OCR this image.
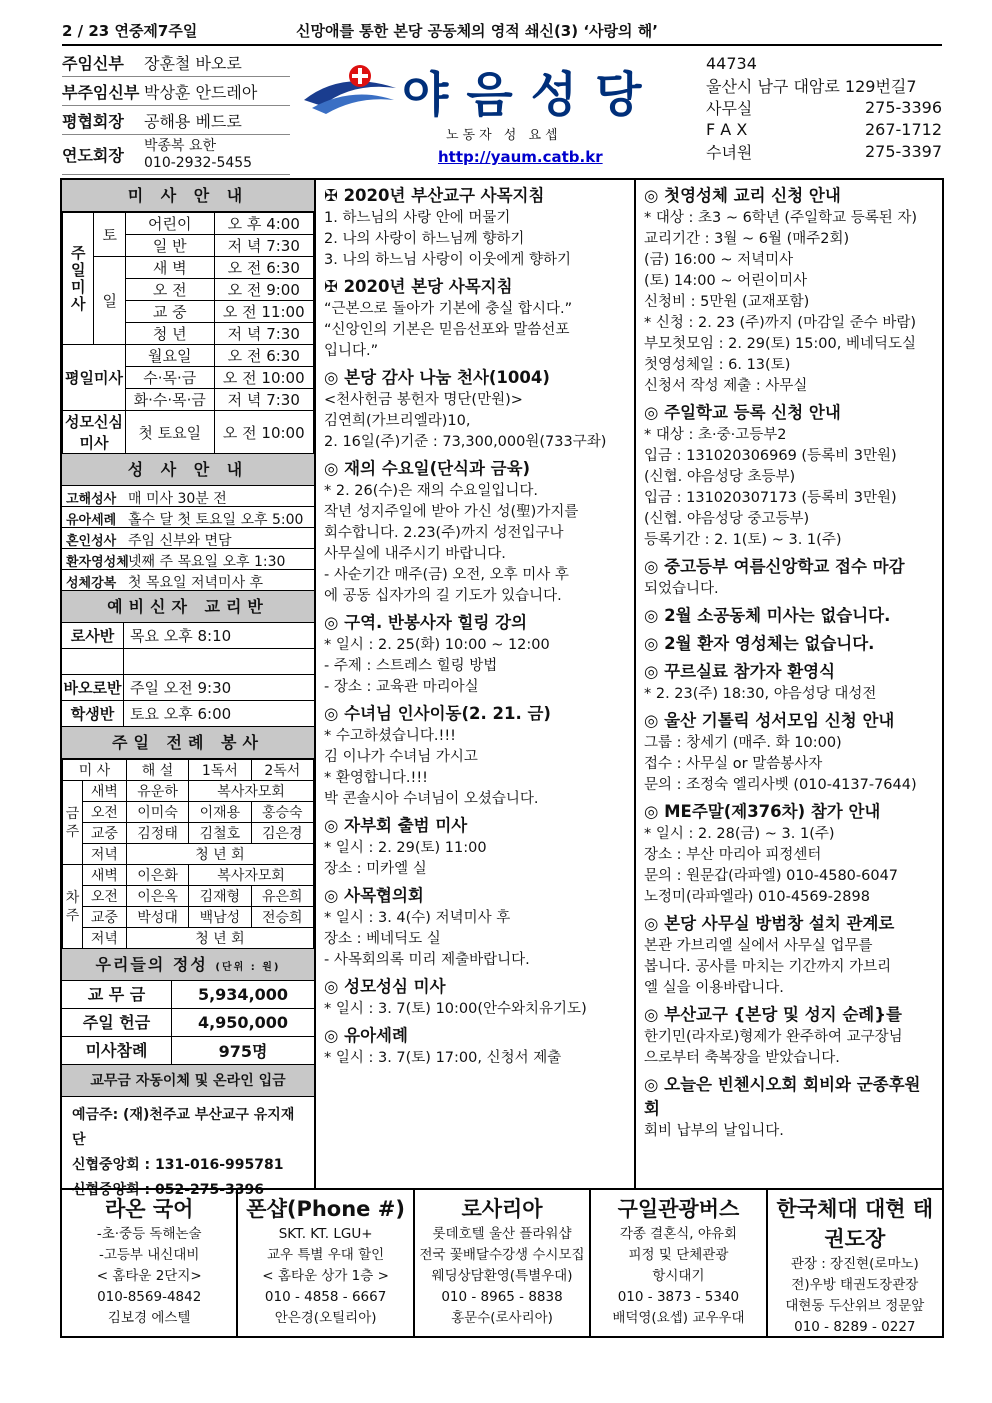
2 / 23 연중제7주일	신망애를 통한 본당 공동체의 영적 쇄신(3) ‘사랑의 해’
주임신부	장훈철 바오로
부주임신부 박상훈 안드레아
평협회장	공해용 베드로
연도회장
박종복 요한
010-2932-5455
야음성당
노동자 성 요셉
http://yaum.catb.kr
44734
울산시 남구 대암로 129번길7
사무실	275-3396
F A X	267-1712
수녀원	275-3397
미 사 안 내
주
일
미
사	토	어린이	오 후 4:00
		일 반	저 녁 7:30
	일	새 벽	오 전 6:30
		오 전	오 전 9:00
		교 중	오 전 11:00
		청 년	저 녁 7:30
평일미사		월요일	오 전 6:30
		수·목·금	오 전 10:00
		화·수·목·금	저 녁 7:30
성모신심 미사		첫 토요일	오 전 10:00
성 사 안 내
고해성사 매 미사 30분 전
유아세례 홀수 달 첫 토요일 오후 5:00
혼인성사 주임 신부와 면담
환자영성체 넷째 주 목요일 오후 1:30
성체강복 첫 목요일 저녁미사 후
예비신자 교리반
로사반	목요 오후 8:10
바오로반 주일 오전 9:30
학생반	토요 오후 6:00
주일 전례 봉사
미 사		해 설	1독서	2독서
금
주	새벽	유운하	복사자모회	
	오전	이미숙	이재용	홍승숙
	교중	김정태	김철호	김은경
	저녁	청 년 회		
차
주	새벽	이은화	복사자모회	
	오전	이은옥	김재형	유은희
	교중	박성대	백남성	전승희
	저녁	청 년 회		
우리들의 정성 (단위 : 원)
교 무 금	5,934,000
주일 헌금	4,950,000
미사참례	975명
교무금 자동이체 및 온라인 입금
예금주: (재)천주교 부산교구 유지재단
신협중앙회 : 131-016-995781
신협중앙회 : 052-275-3396
✠ 2020년 부산교구 사목지침
1. 하느님의 사랑 안에 머물기
2. 나의 사랑이 하느님께 향하기
3. 나의 하느님 사랑이 이웃에게 향하기
✠ 2020년 본당 사목지침
“근본으로 돌아가 기본에 충실 합시다.”
“신앙인의 기본은 믿음선포와 말씀선포
입니다.”
◎ 본당 감사 나눔 천사(1004)
<천사헌금 봉헌자 명단(만원)>
김연희(가브리엘라)10,
2. 16일(주)기준 : 73,300,000원(733구좌)
◎ 재의 수요일(단식과 금육)
* 2. 26(수)은 재의 수요일입니다.
작년 성지주일에 받아 가신 성(聖)가지를
회수합니다. 2.23(주)까지 성전입구나
사무실에 내주시기 바랍니다.
- 사순기간 매주(금) 오전, 오후 미사 후
에 공동 십자가의 길 기도가 있습니다.
◎ 구역. 반봉사자 힐링 강의
* 일시 : 2. 25(화) 10:00 ~ 12:00
- 주제 : 스트레스 힐링 방법
- 장소 : 교육관 마리아실
◎ 수녀님 인사이동(2. 21. 금)
* 수고하셨습니다.!!!
김 이나가 수녀님 가시고
* 환영합니다.!!!
박 콘솔시아 수녀님이 오셨습니다.
◎ 자부회 출범 미사
* 일시 : 2. 29(토) 11:00
장소 : 미카엘 실
◎ 사목협의회
* 일시 : 3. 4(수) 저녁미사 후
장소 : 베네딕도 실
- 사목회의록 미리 제출바랍니다.
◎ 성모성심 미사
* 일시 : 3. 7(토) 10:00(안수와치유기도)
◎ 유아세례
* 일시 : 3. 7(토) 17:00, 신청서 제출
◎ 첫영성체 교리 신청 안내
* 대상 : 초3 ~ 6학년 (주일학교 등록된 자)
교리기간 : 3월 ~ 6월 (매주2회)
(금) 16:00 ~ 저녁미사
(토) 14:00 ~ 어린이미사
신청비 : 5만원 (교재포함)
* 신청 : 2. 23 (주)까지 (마감일 준수 바람)
부모첫모임 : 2. 29(토) 15:00, 베네딕도실
첫영성체일 : 6. 13(토)
신청서 작성 제출 : 사무실
◎ 주일학교 등록 신청 안내
* 대상 : 초·중·고등부2
입금 : 131020306969 (등록비 3만원)
(신협. 야음성당 초등부)
입금 : 131020307173 (등록비 3만원)
(신협. 야음성당 중고등부)
등록기간 : 2. 1(토) ~ 3. 1(주)
◎ 중고등부 여름신앙학교 접수 마감
되었습니다.
◎ 2월 소공동체 미사는 없습니다.
◎ 2월 환자 영성체는 없습니다.
◎ 꾸르실료 참가자 환영식
* 2. 23(주) 18:30, 야음성당 대성전
◎ 울산 기톨릭 성서모임 신청 안내
그룹 : 창세기 (매주. 화 10:00)
접수 : 사무실 or 말씀봉사자
문의 : 조정숙 엘리사벳 (010-4137-7644)
◎ ME주말(제376차) 참가 안내
* 일시 : 2. 28(금) ~ 3. 1(주)
장소 : 부산 마리아 피정센터
문의 : 원문갑(라파엘) 010-4580-6047
노정미(라파엘라) 010-4569-2898
◎ 본당 사무실 방범창 설치 관계로
본관 가브리엘 실에서 사무실 업무를
봅니다. 공사를 마치는 기간까지 가브리
엘 실을 이용바랍니다.
◎ 부산교구 {본당 및 성지 순례}를
한기민(라자로)형제가 완주하여 교구장님
으로부터 축복장을 받았습니다.
◎ 오늘은 빈첸시오회 회비와 군종후원회
회비 납부의 날입니다.
라온 국어
-초·중등 독해논술
-고등부 내신대비
< 홈타운 2단지>
010-8569-4842
김보경 에스텔
폰샵(Phone #)
SKT. KT. LGU+
교우 특별 우대 할인
< 홈타운 상가 1층 >
010 - 4858 - 6667
안은경(오틸리아)
로사리아
롯데호텔 울산 플라워샵
전국 꽃배달수강생 수시모집
웨딩상담환영(특별우대)
010 - 8965 - 8838
홍문수(로사리아)
구일관광버스
각종 결혼식, 야유회
피정 및 단체관광
항시대기
010 - 3873 - 5340
배덕영(요셉) 교우우대
한국체대 대현 태권도장
관장 : 장진현(로마노)
전)우방 태권도장관장
대현동 두산위브 정문앞
010 - 8289 - 0227
